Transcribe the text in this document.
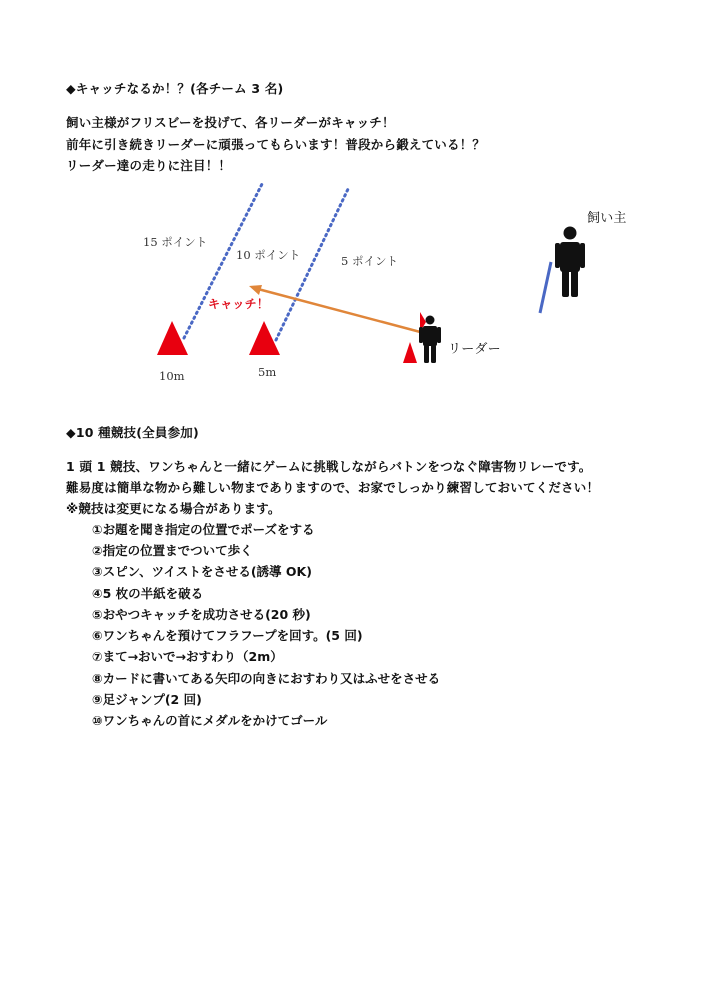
◆キャッチなるか！？(各チーム 3 名)
飼い主様がフリスビーを投げて、各リーダーがキャッチ！
前年に引き続きリーダーに頑張ってもらいます！普段から鍛えている！？
リーダー達の走りに注目！！
15 ポイント
10 ポイント	5 ポイント
キャッチ！
10m	5m
飼い主
リーダー
◆10 種競技(全員参加)
1 頭 1 競技、ワンちゃんと一緒にゲームに挑戦しながらバトンをつなぐ障害物リレーです。
難易度は簡単な物から難しい物までありますので、お家でしっかり練習しておいてください！
※競技は変更になる場合があります。
①お題を聞き指定の位置でポーズをする
②指定の位置までついて歩く
③スピン、ツイストをさせる(誘導 OK)
④5 枚の半紙を破る
⑤おやつキャッチを成功させる(20 秒)
⑥ワンちゃんを預けてフラフープを回す。(5 回)
⑦まて→おいで→おすわり（2m）
⑧カードに書いてある矢印の向きにおすわり又はふせをさせる
⑨足ジャンプ(2 回)
⑩ワンちゃんの首にメダルをかけてゴール
